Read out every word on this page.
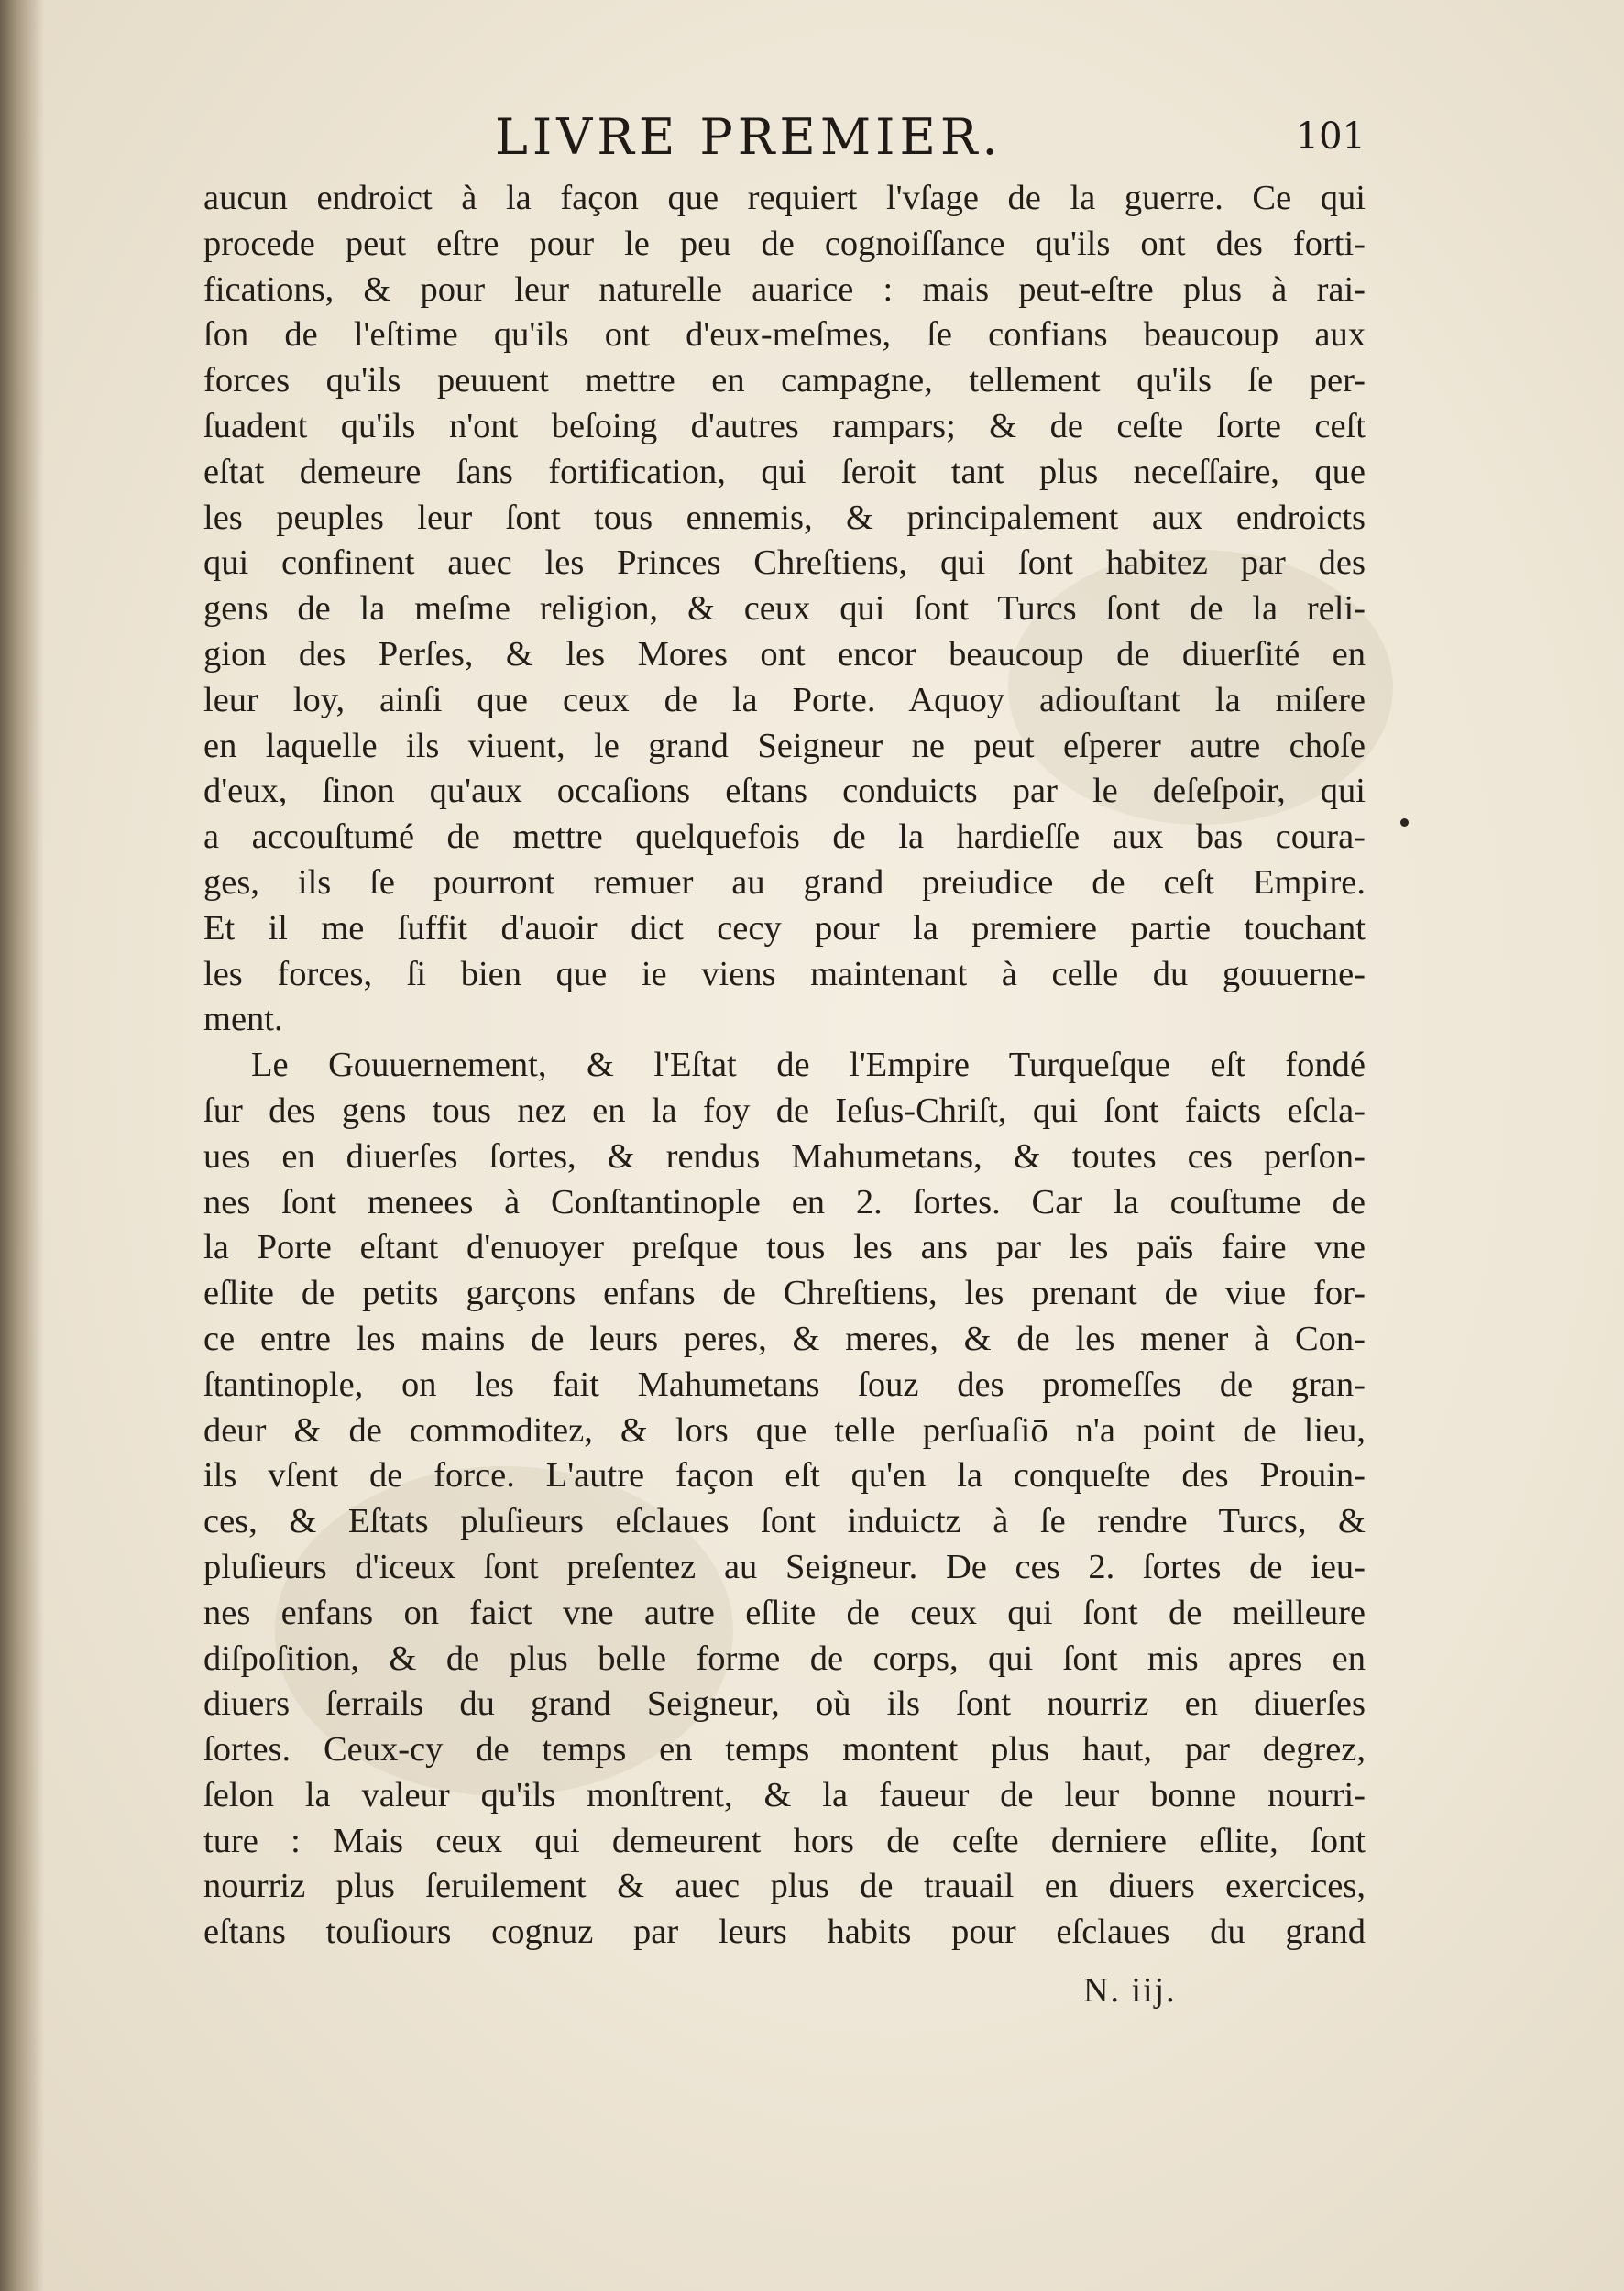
LIVRE PREMIER.	101
aucun endroict à la façon que requiert l'vſage de la guerre. Ce qui
procede peut eſtre pour le peu de cognoiſſance qu'ils ont des forti-
fications, & pour leur naturelle auarice : mais peut-eſtre plus à rai-
ſon de l'eſtime qu'ils ont d'eux-meſmes, ſe confians beaucoup aux
forces qu'ils peuuent mettre en campagne, tellement qu'ils ſe per-
ſuadent qu'ils n'ont beſoing d'autres rampars; & de ceſte ſorte ceſt
eſtat demeure ſans fortification, qui ſeroit tant plus neceſſaire, que
les peuples leur ſont tous ennemis, & principalement aux endroicts
qui confinent auec les Princes Chreſtiens, qui ſont habitez par des
gens de la meſme religion, & ceux qui ſont Turcs ſont de la reli-
gion des Perſes, & les Mores ont encor beaucoup de diuerſité en
leur loy, ainſi que ceux de la Porte. Aquoy adiouſtant la miſere
en laquelle ils viuent, le grand Seigneur ne peut eſperer autre choſe
d'eux, ſinon qu'aux occaſions eſtans conduicts par le deſeſpoir, qui
a accouſtumé de mettre quelquefois de la hardieſſe aux bas coura-
ges, ils ſe pourront remuer au grand preiudice de ceſt Empire.
Et il me ſuffit d'auoir dict cecy pour la premiere partie touchant
les forces, ſi bien que ie viens maintenant à celle du gouuerne-
ment.
Le Gouuernement, & l'Eſtat de l'Empire Turqueſque eſt fondé
ſur des gens tous nez en la foy de Ieſus-Chriſt, qui ſont faicts eſcla-
ues en diuerſes ſortes, & rendus Mahumetans, & toutes ces perſon-
nes ſont menees à Conſtantinople en 2. ſortes. Car la couſtume de
la Porte eſtant d'enuoyer preſque tous les ans par les païs faire vne
eſlite de petits garçons enfans de Chreſtiens, les prenant de viue for-
ce entre les mains de leurs peres, & meres, & de les mener à Con-
ſtantinople, on les fait Mahumetans ſouz des promeſſes de gran-
deur & de commoditez, & lors que telle perſuaſiō n'a point de lieu,
ils vſent de force. L'autre façon eſt qu'en la conqueſte des Prouin-
ces, & Eſtats pluſieurs eſclaues ſont induictz à ſe rendre Turcs, &
pluſieurs d'iceux ſont preſentez au Seigneur. De ces 2. ſortes de ieu-
nes enfans on faict vne autre eſlite de ceux qui ſont de meilleure
diſpoſition, & de plus belle forme de corps, qui ſont mis apres en
diuers ſerrails du grand Seigneur, où ils ſont nourriz en diuerſes
ſortes. Ceux-cy de temps en temps montent plus haut, par degrez,
ſelon la valeur qu'ils monſtrent, & la faueur de leur bonne nourri-
ture : Mais ceux qui demeurent hors de ceſte derniere eſlite, ſont
nourriz plus ſeruilement & auec plus de trauail en diuers exercices,
eſtans touſiours cognuz par leurs habits pour eſclaues du grand
N. iij.
